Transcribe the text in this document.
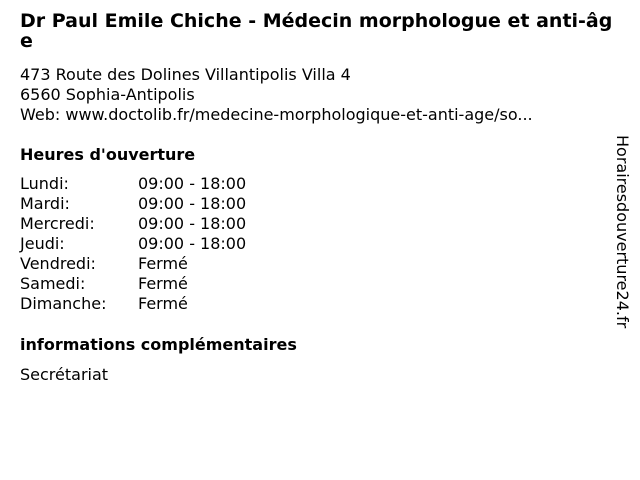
Dr Paul Emile Chiche - Médecin morphologue et anti-âge
473 Route des Dolines Villantipolis Villa 4
6560 Sophia-Antipolis
Web: www.doctolib.fr/medecine-morphologique-et-anti-age/so...
Heures d'ouverture
Lundi:	09:00 - 18:00
Mardi:	09:00 - 18:00
Mercredi:	09:00 - 18:00
Jeudi:	09:00 - 18:00
Vendredi:	Fermé
Samedi:	Fermé
Dimanche:	Fermé
informations complémentaires
Secrétariat
Horairesdouverture24.fr
